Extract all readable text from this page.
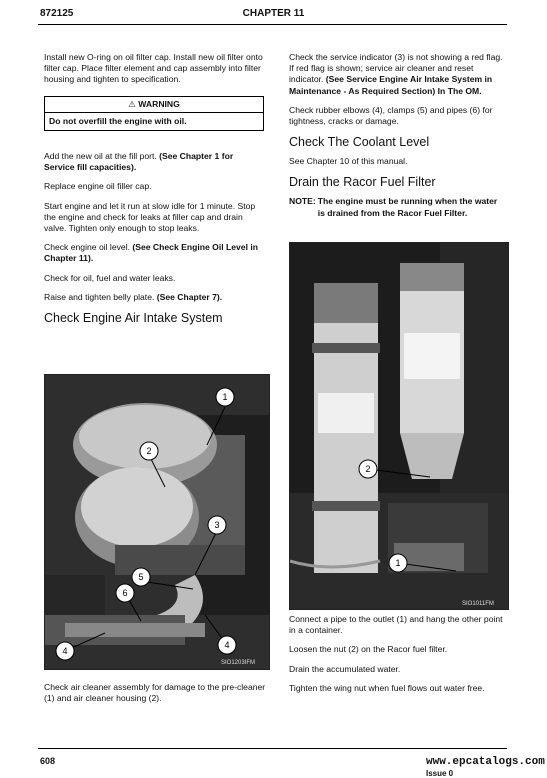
872125	CHAPTER 11

Install new O-ring on oil filter cap. Install new oil filter onto filter cap. Place filter element and cap assembly into filter housing and tighten to specification.

⚠ WARNING
Do not overfill the engine with oil.

Add the new oil at the fill port. (See Chapter 1 for Service fill capacities).

Replace engine oil filler cap.

Start engine and let it run at slow idle for 1 minute. Stop the engine and check for leaks at filler cap and drain valve. Tighten only enough to stop leaks.

Check engine oil level. (See Check Engine Oil Level in Chapter 11).

Check for oil, fuel and water leaks.

Raise and tighten belly plate. (See Chapter 7).

Check Engine Air Intake System
SIO1203IFM
1
2
3
5
6
4
4

Check air cleaner assembly for damage to the pre-cleaner (1) and air cleaner housing (2).

Check the service indicator (3) is not showing a red flag. If red flag is shown; service air cleaner and reset indicator. (See Service Engine Air Intake System in Maintenance - As Required Section) In The OM.

Check rubber elbows (4), clamps (5) and pipes (6) for tightness, cracks or damage.

Check The Coolant Level

See Chapter 10 of this manual.

Drain the Racor Fuel Filter
NOTE: The engine must be running when the water is drained from the Racor Fuel Filter.
SIO1011FM
2
1

Connect a pipe to the outlet (1) and hang the other point in a container.

Loosen the nut (2) on the Racor fuel filter.

Drain the accumulated water.

Tighten the wing nut when fuel flows out water free.

608	www.epcatalogs.com Issue 0
